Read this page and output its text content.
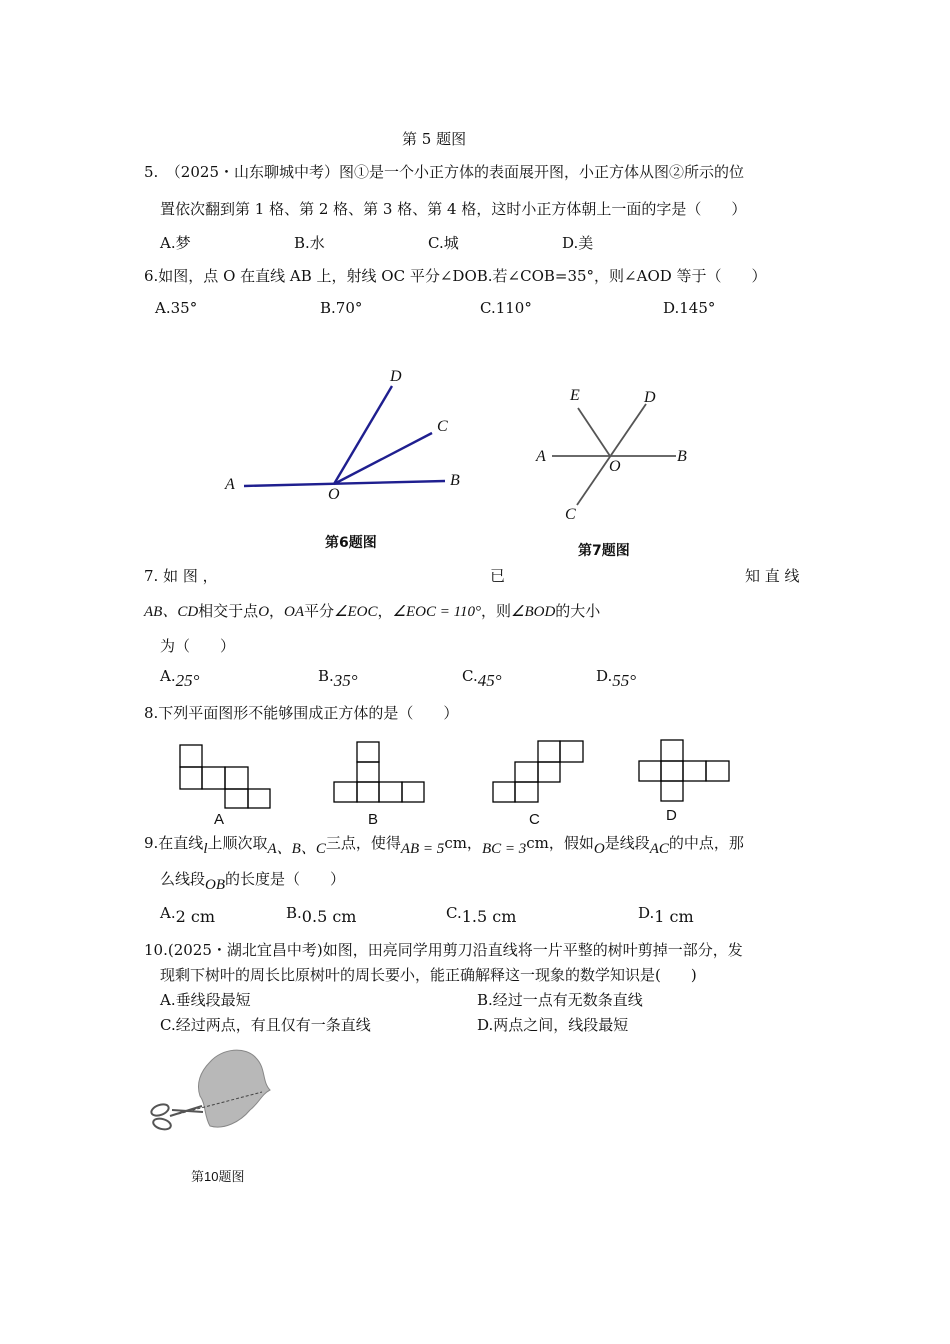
第 5 题图
5.　（2025・山东聊城中考）图①是一个小正方体的表面展开图，小正方体从图②所示的位
置依次翻到第 1 格、第 2 格、第 3 格、第 4 格，这时小正方体朝上一面的字是（　　）
A.梦	B.水	C.城	D.美
6.如图，点 O 在直线 AB 上，射线 OC 平分∠DOB.若∠COB=35°，则∠AOD 等于（　　）
A.35°	B.70°	C.110°	D.145°
A
O
B
C
D
第6题图
A
O
B
C
D
E
第7题图
7. 如 图 ，	已	知 直 线
AB、CD相交于点O，OA平分∠EOC，∠EOC = 110°，则∠BOD的大小
为（　　）
A.25°	B.35°	C.45°	D.55°
8.下列平面图形不能够围成正方体的是（　　）
A	B	C	D
9.在直线l上顺次取A、B、C三点，使得AB = 5cm，BC = 3cm，假如O是线段AC的中点，那
么线段OB的长度是（　　）
A.2 cm	B.0.5 cm	C.1.5 cm	D.1 cm
10.(2025・湖北宜昌中考)如图，田亮同学用剪刀沿直线将一片平整的树叶剪掉一部分，发
现剩下树叶的周长比原树叶的周长要小，能正确解释这一现象的数学知识是(　　)
A.垂线段最短	B.经过一点有无数条直线
C.经过两点，有且仅有一条直线	D.两点之间，线段最短
第10题图
